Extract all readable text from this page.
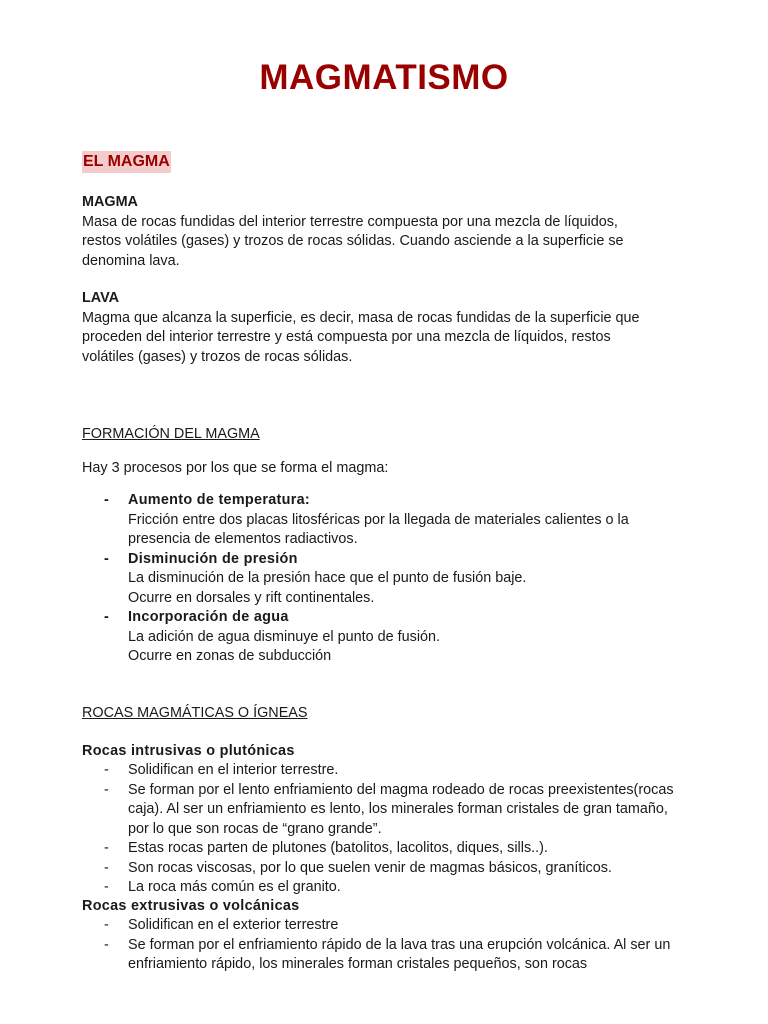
MAGMATISMO
EL MAGMA
MAGMA
Masa de rocas fundidas del interior terrestre compuesta por una mezcla de líquidos, restos volátiles (gases) y trozos de rocas sólidas. Cuando asciende a la superficie se denomina lava.
LAVA
Magma que alcanza la superficie, es decir, masa de rocas fundidas de la superficie que proceden del interior terrestre y está compuesta por una mezcla de líquidos, restos volátiles (gases) y trozos de rocas sólidas.
FORMACIÓN DEL MAGMA
Hay 3 procesos por los que se forma el magma:
- Aumento de temperatura:
Fricción entre dos placas litosféricas por la llegada de materiales calientes o la presencia de elementos radiactivos.
- Disminución de presión
La disminución de la presión hace que el punto de fusión baje.
Ocurre en dorsales y rift continentales.
- Incorporación de agua
La adición de agua disminuye el punto de fusión.
Ocurre en zonas de subducción
ROCAS MAGMÁTICAS O ÍGNEAS
Rocas intrusivas o plutónicas
- Solidifican en el interior terrestre.
- Se forman por el lento enfriamiento del magma rodeado de rocas preexistentes(rocas caja). Al ser un enfriamiento es lento, los minerales forman cristales de gran tamaño, por lo que son rocas de “grano grande”.
- Estas rocas parten de plutones (batolitos, lacolitos, diques, sills..).
- Son rocas viscosas, por lo que suelen venir de magmas básicos, graníticos.
- La roca más común es el granito.
Rocas extrusivas o volcánicas
- Solidifican en el exterior terrestre
- Se forman por el enfriamiento rápido de la lava tras una erupción volcánica. Al ser un enfriamiento rápido, los minerales forman cristales pequeños, son rocas
